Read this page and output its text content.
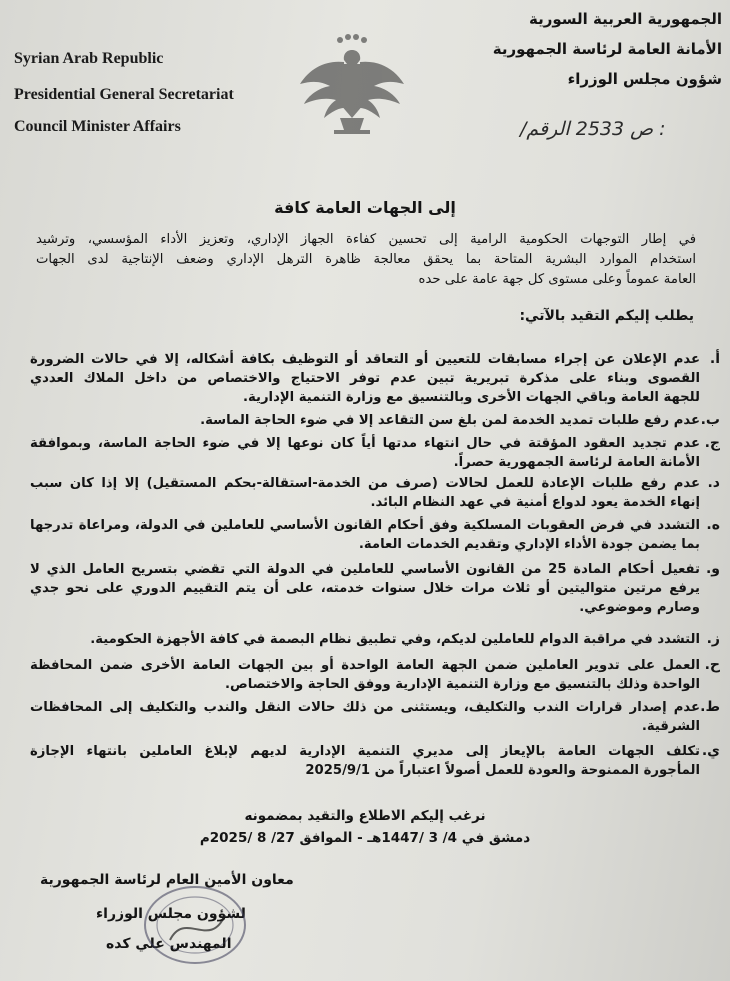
Syrian Arab Republic
Presidential General Secretariat
Council Minister Affairs
الجمهورية العربية السورية
الأمانة العامة لرئاسة الجمهورية
شؤون مجلس الوزراء
/ص 2533 الرقم :
إلى الجهات العامة كافة
في إطار التوجهات الحكومية الرامية إلى تحسين كفاءة الجهاز الإداري، وتعزيز الأداء المؤسسي، وترشيد
استخدام الموارد البشرية المتاحة بما يحقق معالجة ظاهرة الترهل الإداري وضعف الإنتاجية لدى الجهات
العامة عموماً وعلى مستوى كل جهة عامة على حده
يطلب إليكم التقيد بالآتي:
أ.
عدم الإعلان عن إجراء مسابقات للتعيين أو التعاقد أو التوظيف بكافة أشكاله، إلا في حالات الضرورة
القصوى وبناء على مذكرة تبريرية تبين عدم توفر الاحتياج والاختصاص من داخل الملاك العددي
للجهة العامة وباقي الجهات الأخرى وبالتنسيق مع وزارة التنمية الإدارية.
ب.
عدم رفع طلبات تمديد الخدمة لمن بلغ سن التقاعد إلا في ضوء الحاجة الماسة.
ج.
عدم تجديد العقود المؤقتة في حال انتهاء مدتها أياً كان نوعها إلا في ضوء الحاجة الماسة، وبموافقة
الأمانة العامة لرئاسة الجمهورية حصراً.
د.
عدم رفع طلبات الإعادة للعمل لحالات (صرف من الخدمة-استقالة-بحكم المستقيل) إلا إذا كان سبب
إنهاء الخدمة يعود لدواع أمنية في عهد النظام البائد.
ه.
التشدد في فرض العقوبات المسلكية وفق أحكام القانون الأساسي للعاملين في الدولة، ومراعاة تدرجها
بما يضمن جودة الأداء الإداري وتقديم الخدمات العامة.
و.
تفعيل أحكام المادة 25 من القانون الأساسي للعاملين في الدولة التي تقضي بتسريح العامل الذي لا
يرفع مرتين متواليتين أو ثلاث مرات خلال سنوات خدمته، على أن يتم التقييم الدوري على نحو جدي
وصارم وموضوعي.
ز.
التشدد في مراقبة الدوام للعاملين لديكم، وفي تطبيق نظام البصمة في كافة الأجهزة الحكومية.
ح.
العمل على تدوير العاملين ضمن الجهة العامة الواحدة أو بين الجهات العامة الأخرى ضمن المحافظة
الواحدة وذلك بالتنسيق مع وزارة التنمية الإدارية ووفق الحاجة والاختصاص.
ط.
عدم إصدار قرارات الندب والتكليف، ويستثنى من ذلك حالات النقل والندب والتكليف إلى المحافظات
الشرقية.
ي.
تكلف الجهات العامة بالإيعاز إلى مديري التنمية الإدارية لديهم لإبلاغ العاملين بانتهاء الإجازة
المأجورة الممنوحة والعودة للعمل أصولاً اعتباراً من 2025/9/1
نرغب إليكم الاطلاع والتقيد بمضمونه
دمشق في 4/ 3 /1447هـ - الموافق 27/ 8 /2025م
معاون الأمين العام لرئاسة الجمهورية
لشؤون مجلس الوزراء
المهندس علي كده
